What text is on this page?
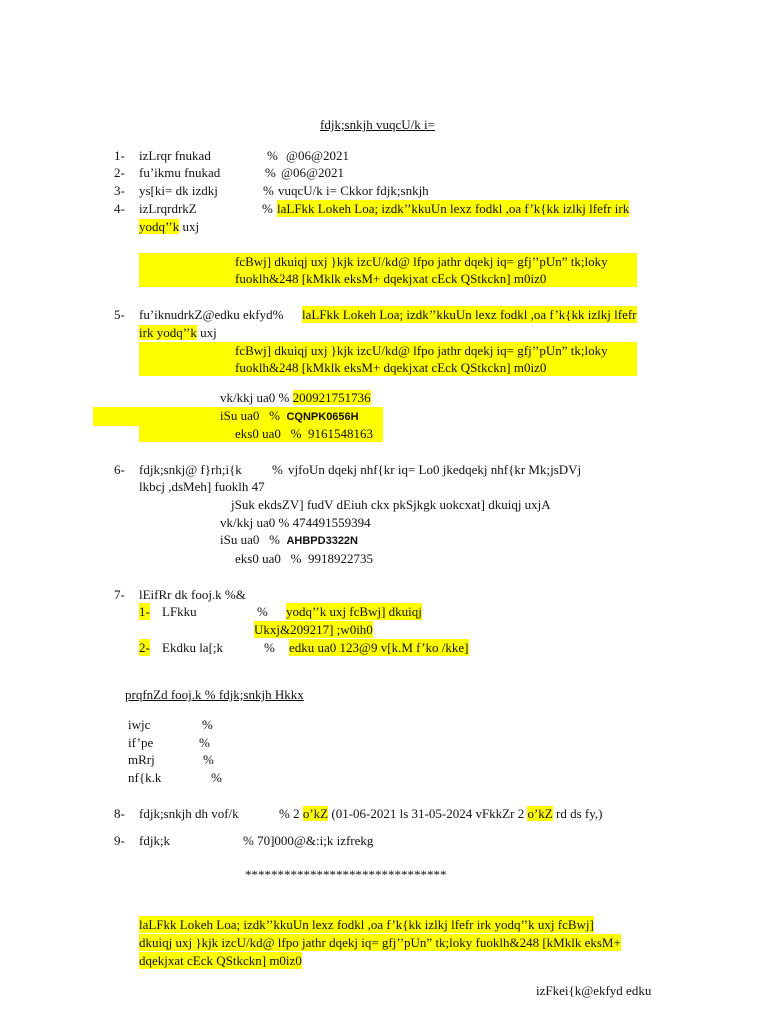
fdjk;snkjh vuqcU/k i=
1- izLrqr fnukad	% @06@2021
2- fu’ikmu fnukad	% @06@2021
3- ys[ki= dk izdkj	% vuqcU/k i= Ckkor fdjk;snkjh
4- izLrqrdrkZ	% laLFkk Lokeh Loa; izdk’’kkuUn lexz fodkl ,oa f’k{kk izlkj lfefr irk
yodq’’k uxj
fcBwj] dkuiqj uxj }kjk izcU/kd@ lfpo jathr dqekj iq= gfj’’pUn” tk;loky
fuoklh&248 [kMklk eksM+ dqekjxat cEck QStkckn] m0iz0
5- fu’iknudrkZ@edku ekfyd% laLFkk Lokeh Loa; izdk’’kkuUn lexz fodkl ,oa f’k{kk izlkj lfefr
irk yodq’’k uxj
fcBwj] dkuiqj uxj }kjk izcU/kd@ lfpo jathr dqekj iq= gfj’’pUn” tk;loky
fuoklh&248 [kMklk eksM+ dqekjxat cEck QStkckn] m0iz0
vk/kkj ua0 % 200921751736
iSu ua0 % CQNPK0656H
eks0 ua0 % 9161548163
6- fdjk;snkj@ f}rh;i{k % vjfoUn dqekj nhf{kr iq= Lo0 jkedqekj nhf{kr Mk;jsDVj
lkbcj ,dsMeh] fuoklh 47
jSuk ekdsZV] fudV dEiuh ckx pkSjkgk uokcxat] dkuiqj uxjA
vk/kkj ua0 % 474491559394
iSu ua0 % AHBPD3322N
eks0 ua0 % 9918922735
7- lEifRr dk fooj.k %&
1- LFkku	% yodq’’k uxj fcBwj] dkuiqj
Ukxj&209217] ;w0ih0
2- Ekdku la[;k	% edku ua0 123@9 v[k.M f’ko /kke]
prqfnZd fooj.k % fdjk;snkjh Hkkx
iwjc	%
if’pe	%
mRrj	%
nf{k.k	%
8- fdjk;snkjh dh vof/k	% 2 o’kZ (01-06-2021 ls 31-05-2024 vFkkZr 2 o’kZ rd ds fy,)
9- fdjk;k	% 70]000@&:i;k izfrekg
*******************************
laLFkk Lokeh Loa; izdk’’kkuUn lexz fodkl ,oa f’k{kk izlkj lfefr irk yodq’’k uxj fcBwj]
dkuiqj uxj }kjk izcU/kd@ lfpo jathr dqekj iq= gfj’’pUn” tk;loky fuoklh&248 [kMklk eksM+
dqekjxat cEck QStkckn] m0iz0
izFkei{k@ekfyd edku
